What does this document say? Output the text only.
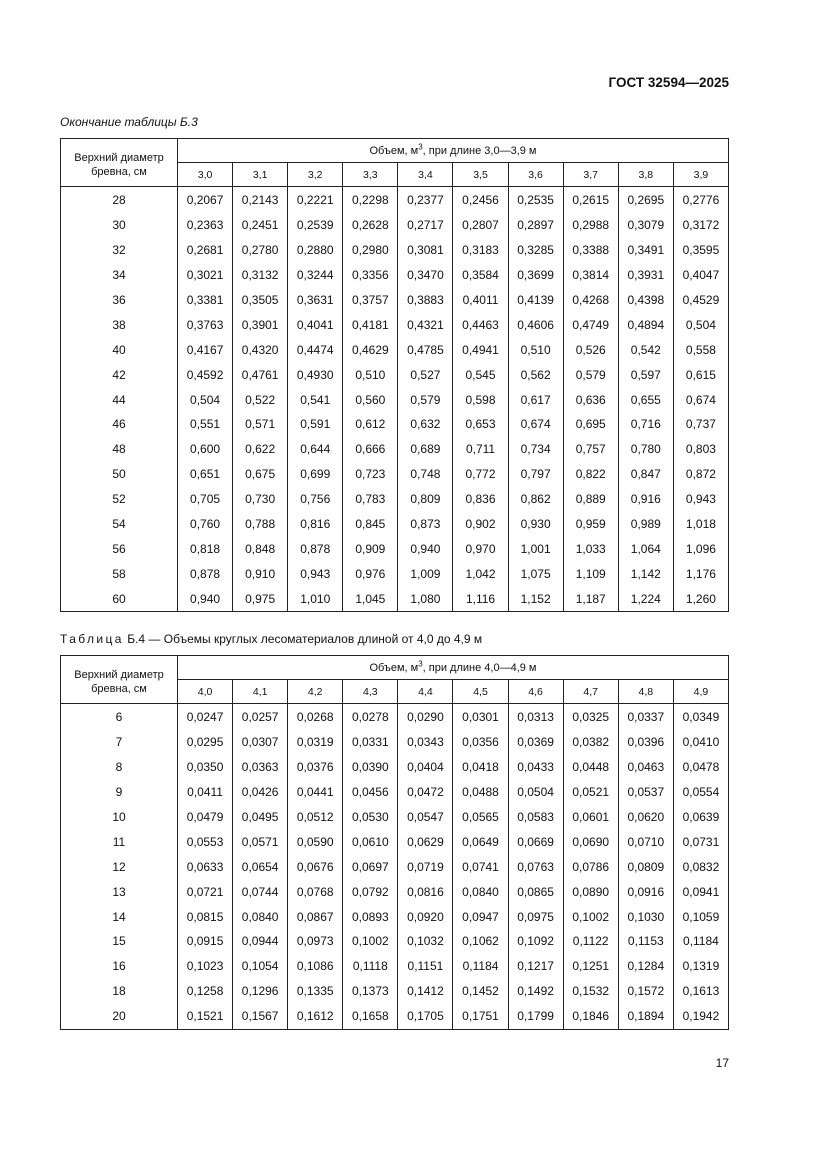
ГОСТ 32594—2025
Окончание таблицы Б.3
Верхний диаметр бревна, см	Объем, $м^3$, при длине 3,0—3,9 м									
	3,0	3,1	3,2	3,3	3,4	3,5	3,6	3,7	3,8	3,9
28	0,2067	0,2143	0,2221	0,2298	0,2377	0,2456	0,2535	0,2615	0,2695	0,2776
30	0,2363	0,2451	0,2539	0,2628	0,2717	0,2807	0,2897	0,2988	0,3079	0,3172
32	0,2681	0,2780	0,2880	0,2980	0,3081	0,3183	0,3285	0,3388	0,3491	0,3595
34	0,3021	0,3132	0,3244	0,3356	0,3470	0,3584	0,3699	0,3814	0,3931	0,4047
36	0,3381	0,3505	0,3631	0,3757	0,3883	0,4011	0,4139	0,4268	0,4398	0,4529
38	0,3763	0,3901	0,4041	0,4181	0,4321	0,4463	0,4606	0,4749	0,4894	0,504
40	0,4167	0,4320	0,4474	0,4629	0,4785	0,4941	0,510	0,526	0,542	0,558
42	0,4592	0,4761	0,4930	0,510	0,527	0,545	0,562	0,579	0,597	0,615
44	0,504	0,522	0,541	0,560	0,579	0,598	0,617	0,636	0,655	0,674
46	0,551	0,571	0,591	0,612	0,632	0,653	0,674	0,695	0,716	0,737
48	0,600	0,622	0,644	0,666	0,689	0,711	0,734	0,757	0,780	0,803
50	0,651	0,675	0,699	0,723	0,748	0,772	0,797	0,822	0,847	0,872
52	0,705	0,730	0,756	0,783	0,809	0,836	0,862	0,889	0,916	0,943
54	0,760	0,788	0,816	0,845	0,873	0,902	0,930	0,959	0,989	1,018
56	0,818	0,848	0,878	0,909	0,940	0,970	1,001	1,033	1,064	1,096
58	0,878	0,910	0,943	0,976	1,009	1,042	1,075	1,109	1,142	1,176
60	0,940	0,975	1,010	1,045	1,080	1,116	1,152	1,187	1,224	1,260
Таблица Б.4 — Объемы круглых лесоматериалов длиной от 4,0 до 4,9 м
Верхний диаметр бревна, см	Объем, $м^3$, при длине 4,0—4,9 м									
	4,0	4,1	4,2	4,3	4,4	4,5	4,6	4,7	4,8	4,9
6	0,0247	0,0257	0,0268	0,0278	0,0290	0,0301	0,0313	0,0325	0,0337	0,0349
7	0,0295	0,0307	0,0319	0,0331	0,0343	0,0356	0,0369	0,0382	0,0396	0,0410
8	0,0350	0,0363	0,0376	0,0390	0,0404	0,0418	0,0433	0,0448	0,0463	0,0478
9	0,0411	0,0426	0,0441	0,0456	0,0472	0,0488	0,0504	0,0521	0,0537	0,0554
10	0,0479	0,0495	0,0512	0,0530	0,0547	0,0565	0,0583	0,0601	0,0620	0,0639
11	0,0553	0,0571	0,0590	0,0610	0,0629	0,0649	0,0669	0,0690	0,0710	0,0731
12	0,0633	0,0654	0,0676	0,0697	0,0719	0,0741	0,0763	0,0786	0,0809	0,0832
13	0,0721	0,0744	0,0768	0,0792	0,0816	0,0840	0,0865	0,0890	0,0916	0,0941
14	0,0815	0,0840	0,0867	0,0893	0,0920	0,0947	0,0975	0,1002	0,1030	0,1059
15	0,0915	0,0944	0,0973	0,1002	0,1032	0,1062	0,1092	0,1122	0,1153	0,1184
16	0,1023	0,1054	0,1086	0,1118	0,1151	0,1184	0,1217	0,1251	0,1284	0,1319
18	0,1258	0,1296	0,1335	0,1373	0,1412	0,1452	0,1492	0,1532	0,1572	0,1613
20	0,1521	0,1567	0,1612	0,1658	0,1705	0,1751	0,1799	0,1846	0,1894	0,1942
17
